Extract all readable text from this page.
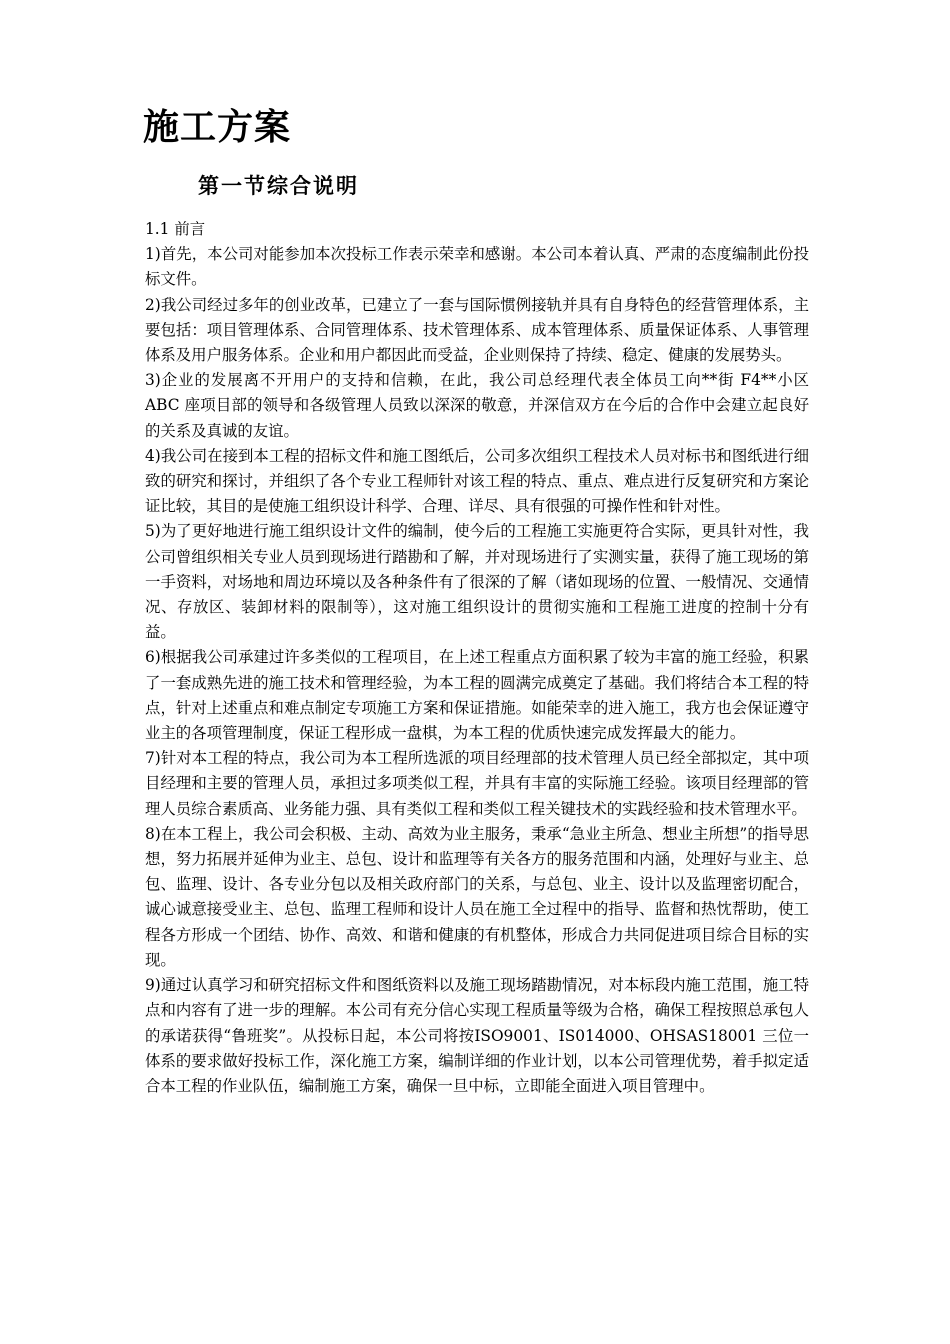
施工方案
第一节综合说明

1.1 前言

1)首先，本公司对能参加本次投标工作表示荣幸和感谢。本公司本着认真、严肃的态度编制此份投标文件。

2)我公司经过多年的创业改革，已建立了一套与国际惯例接轨并具有自身特色的经营管理体系，主要包括：项目管理体系、合同管理体系、技术管理体系、成本管理体系、质量保证体系、人事管理体系及用户服务体系。企业和用户都因此而受益，企业则保持了持续、稳定、健康的发展势头。

3)企业的发展离不开用户的支持和信赖，在此，我公司总经理代表全体员工向**街 F4**小区 ABC 座项目部的领导和各级管理人员致以深深的敬意，并深信双方在今后的合作中会建立起良好的关系及真诚的友谊。

4)我公司在接到本工程的招标文件和施工图纸后，公司多次组织工程技术人员对标书和图纸进行细致的研究和探讨，并组织了各个专业工程师针对该工程的特点、重点、难点进行反复研究和方案论证比较，其目的是使施工组织设计科学、合理、详尽、具有很强的可操作性和针对性。

5)为了更好地进行施工组织设计文件的编制，使今后的工程施工实施更符合实际，更具针对性，我公司曾组织相关专业人员到现场进行踏勘和了解，并对现场进行了实测实量，获得了施工现场的第一手资料，对场地和周边环境以及各种条件有了很深的了解（诸如现场的位置、一般情况、交通情况、存放区、装卸材料的限制等），这对施工组织设计的贯彻实施和工程施工进度的控制十分有益。

6)根据我公司承建过许多类似的工程项目，在上述工程重点方面积累了较为丰富的施工经验，积累了一套成熟先进的施工技术和管理经验，为本工程的圆满完成奠定了基础。我们将结合本工程的特点，针对上述重点和难点制定专项施工方案和保证措施。如能荣幸的进入施工，我方也会保证遵守业主的各项管理制度，保证工程形成一盘棋，为本工程的优质快速完成发挥最大的能力。

7)针对本工程的特点，我公司为本工程所选派的项目经理部的技术管理人员已经全部拟定，其中项目经理和主要的管理人员，承担过多项类似工程，并具有丰富的实际施工经验。该项目经理部的管理人员综合素质高、业务能力强、具有类似工程和类似工程关键技术的实践经验和技术管理水平。

8)在本工程上，我公司会积极、主动、高效为业主服务，秉承“急业主所急、想业主所想”的指导思想，努力拓展并延伸为业主、总包、设计和监理等有关各方的服务范围和内涵，处理好与业主、总包、监理、设计、各专业分包以及相关政府部门的关系，与总包、业主、设计以及监理密切配合，诚心诚意接受业主、总包、监理工程师和设计人员在施工全过程中的指导、监督和热忱帮助，使工程各方形成一个团结、协作、高效、和谐和健康的有机整体，形成合力共同促进项目综合目标的实现。

9)通过认真学习和研究招标文件和图纸资料以及施工现场踏勘情况，对本标段内施工范围，施工特点和内容有了进一步的理解。本公司有充分信心实现工程质量等级为合格，确保工程按照总承包人的承诺获得“鲁班奖”。从投标日起，本公司将按ISO9001、IS014000、OHSAS18001 三位一体系的要求做好投标工作，深化施工方案，编制详细的作业计划，以本公司管理优势，着手拟定适合本工程的作业队伍，编制施工方案，确保一旦中标，立即能全面进入项目管理中。
